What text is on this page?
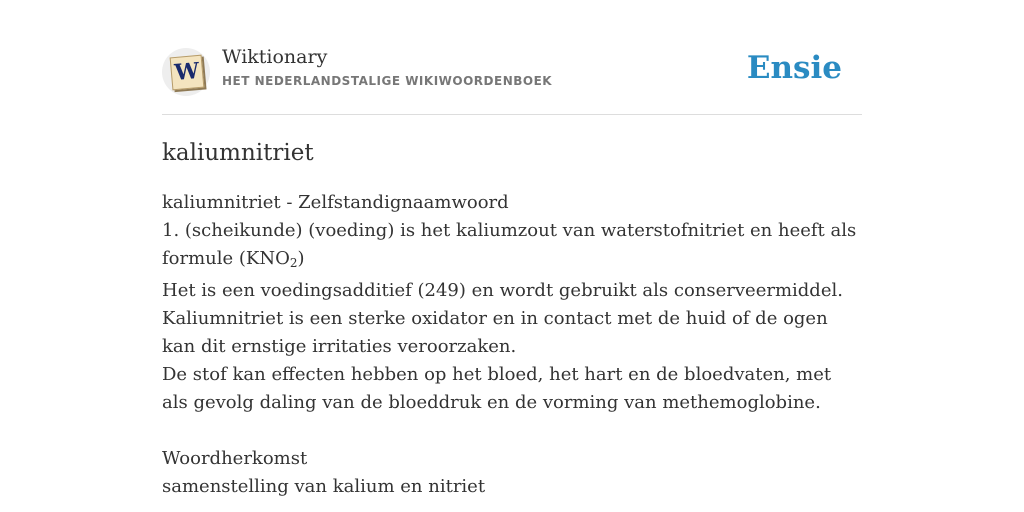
W
Wiktionary
HET NEDERLANDSTALIGE WIKIWOORDENBOEK	Ensie
kaliumnitriet

kaliumnitriet - Zelfstandignaamwoord

1. (scheikunde) (voeding) is het kaliumzout van waterstofnitriet en heeft als formule $(KNO_2)$

Het is een voedingsadditief (249) en wordt gebruikt als conserveermiddel.

Kaliumnitriet is een sterke oxidator en in contact met de huid of de ogen kan dit ernstige irritaties veroorzaken.

De stof kan effecten hebben op het bloed, het hart en de bloedvaten, met als gevolg daling van de bloeddruk en de vorming van methemoglobine.

Woordherkomst

samenstelling van kalium en nitriet
